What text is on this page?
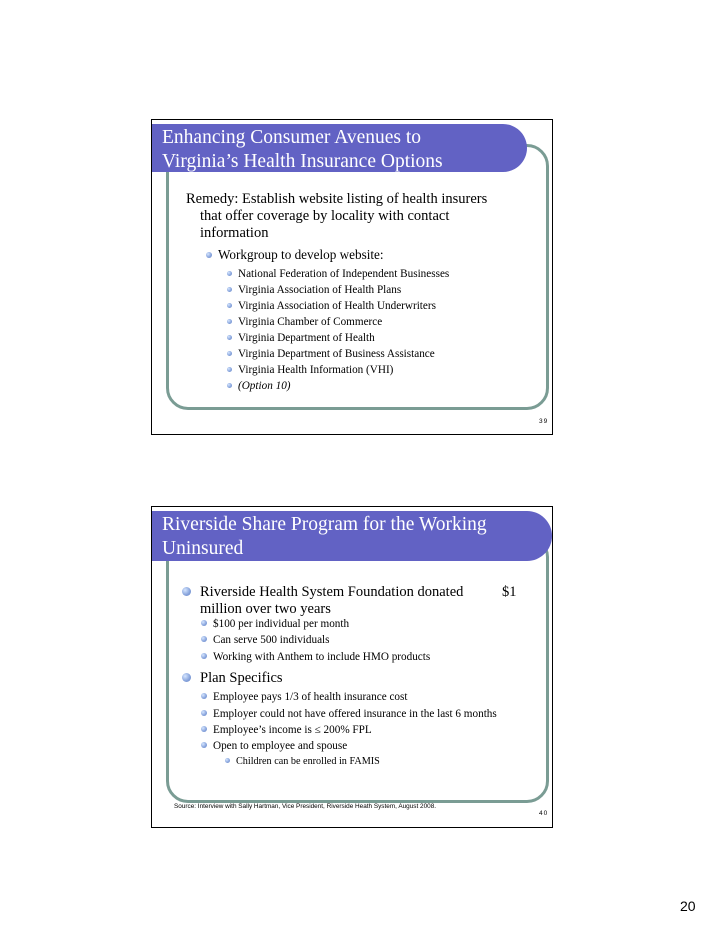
Enhancing Consumer Avenues to
Virginia’s Health Insurance Options
Remedy: Establish website listing of health insurers
that offer coverage by locality with contact
information
Workgroup to develop website:
National Federation of Independent Businesses
Virginia Association of Health Plans
Virginia Association of Health Underwriters
Virginia Chamber of Commerce
Virginia Department of Health
Virginia Department of Business Assistance
Virginia Health Information (VHI)
(Option 10)
39
Riverside Share Program for the Working
Uninsured
Riverside Health System Foundation donated	$1
million over two years
$100 per individual per month
Can serve 500 individuals
Working with Anthem to include HMO products
Plan Specifics
Employee pays 1/3 of health insurance cost
Employer could not have offered insurance in the last 6 months
Employee’s income is ≤ 200% FPL
Open to employee and spouse
Children can be enrolled in FAMIS
Source: Interview with Sally Hartman, Vice President, Riverside Heath System, August 2008.
40
20
